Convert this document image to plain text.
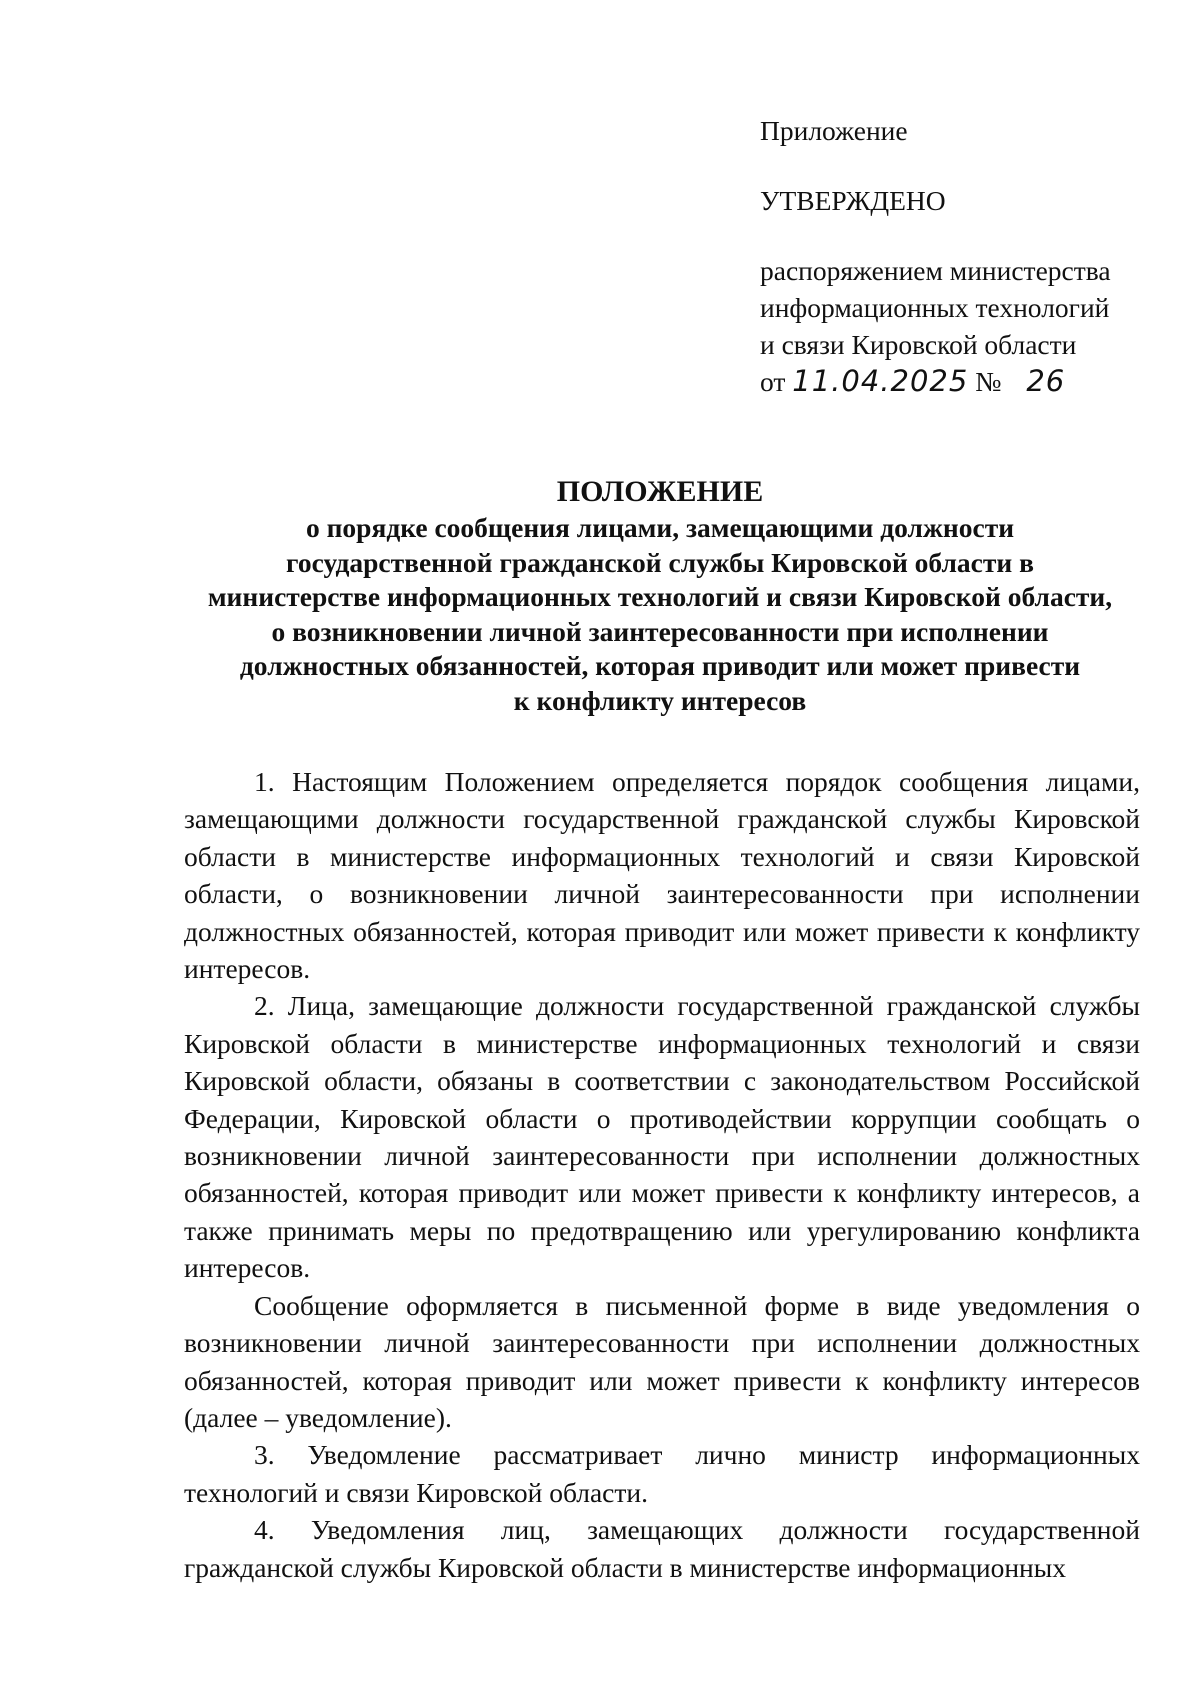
Приложение
УТВЕРЖДЕНО
распоряжением министерства
информационных технологий
и связи Кировской области
от 11.04.2025 № 26
ПОЛОЖЕНИЕ
о порядке сообщения лицами, замещающими должности
государственной гражданской службы Кировской области в
министерстве информационных технологий и связи Кировской области,
о возникновении личной заинтересованности при исполнении
должностных обязанностей, которая приводит или может привести
к конфликту интересов

1. Настоящим Положением определяется порядок сообщения лицами, замещающими должности государственной гражданской службы Кировской области в министерстве информационных технологий и связи Кировской области, о возникновении личной заинтересованности при исполнении должностных обязанностей, которая приводит или может привести к конфликту интересов.

2. Лица, замещающие должности государственной гражданской службы Кировской области в министерстве информационных технологий и связи Кировской области, обязаны в соответствии с законодательством Российской Федерации, Кировской области о противодействии коррупции сообщать о возникновении личной заинтересованности при исполнении должностных обязанностей, которая приводит или может привести к конфликту интересов, а также принимать меры по предотвращению или урегулированию конфликта интересов.

Сообщение оформляется в письменной форме в виде уведомления о возникновении личной заинтересованности при исполнении должностных обязанностей, которая приводит или может привести к конфликту интересов (далее – уведомление).

3. Уведомление рассматривает лично министр информационных технологий и связи Кировской области.

4. Уведомления лиц, замещающих должности государственной гражданской службы Кировской области в министерстве информационных
